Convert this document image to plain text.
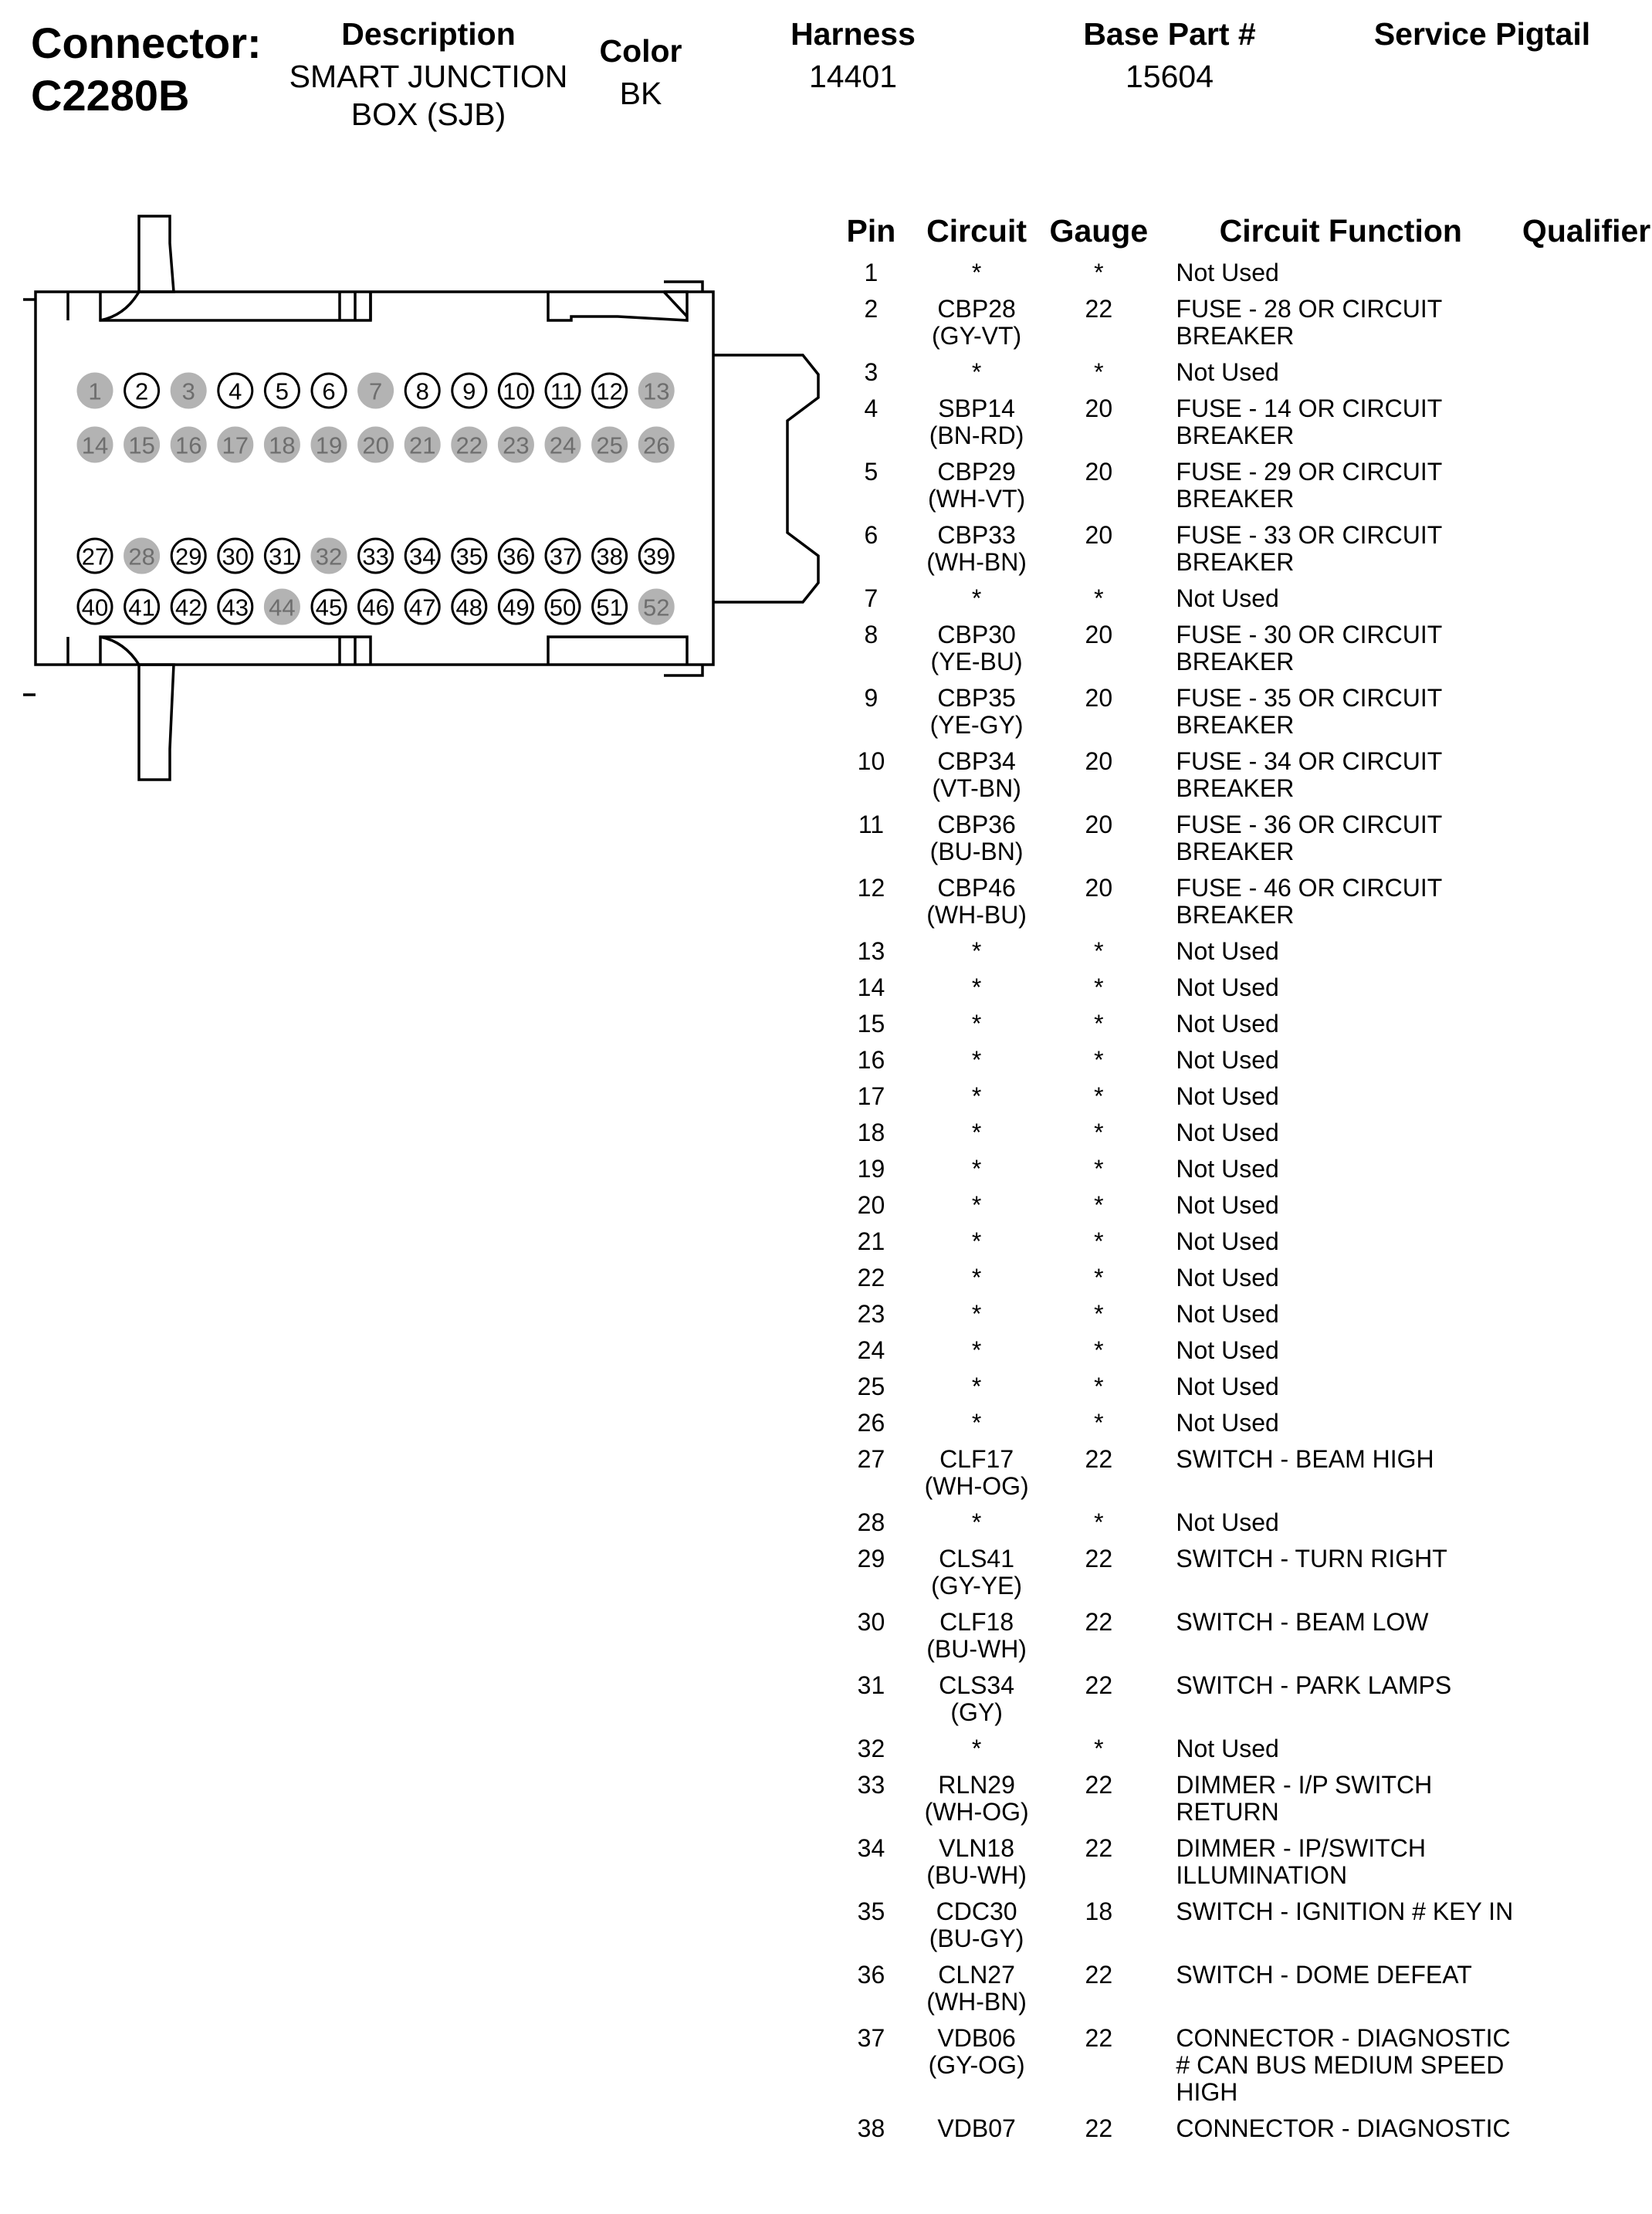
Connector:
C2280B
Description
SMART JUNCTION
BOX (SJB)
Color
BK
Harness
14401
Base Part #
15604
Service Pigtail
1 2 3 4 5 6 7 8 9 10 11 12 13
14 15 16 17 18 19 20 21 22 23 24 25 26
27 28 29 30 31 32 33 34 35 36 37 38 39
40 41 42 43 44 45 46 47 48 49 50 51 52
Pin	Circuit	Gauge	Circuit Function	Qualifier

1	*	*	Not Used	

2	CBP28
(GY-VT)	22	FUSE - 28 OR CIRCUIT BREAKER	

3	*	*	Not Used	

4	SBP14
(BN-RD)	20	FUSE - 14 OR CIRCUIT BREAKER	

5	CBP29
(WH-VT)	20	FUSE - 29 OR CIRCUIT BREAKER	

6	CBP33
(WH-BN)	20	FUSE - 33 OR CIRCUIT BREAKER	

7	*	*	Not Used	

8	CBP30
(YE-BU)	20	FUSE - 30 OR CIRCUIT BREAKER	

9	CBP35
(YE-GY)	20	FUSE - 35 OR CIRCUIT BREAKER	

10	CBP34
(VT-BN)	20	FUSE - 34 OR CIRCUIT BREAKER	

11	CBP36
(BU-BN)	20	FUSE - 36 OR CIRCUIT BREAKER	

12	CBP46
(WH-BU)	20	FUSE - 46 OR CIRCUIT BREAKER	

13	*	*	Not Used	

14	*	*	Not Used	

15	*	*	Not Used	

16	*	*	Not Used	

17	*	*	Not Used	

18	*	*	Not Used	

19	*	*	Not Used	

20	*	*	Not Used	

21	*	*	Not Used	

22	*	*	Not Used	

23	*	*	Not Used	

24	*	*	Not Used	

25	*	*	Not Used	

26	*	*	Not Used	

27	CLF17
(WH-OG)	22	SWITCH - BEAM HIGH	

28	*	*	Not Used	

29	CLS41
(GY-YE)	22	SWITCH - TURN RIGHT	

30	CLF18
(BU-WH)	22	SWITCH - BEAM LOW	

31	CLS34
(GY)	22	SWITCH - PARK LAMPS	

32	*	*	Not Used	

33	RLN29
(WH-OG)	22	DIMMER - I/P SWITCH RETURN	

34	VLN18
(BU-WH)	22	DIMMER - IP/SWITCH ILLUMINATION	

35	CDC30
(BU-GY)	18	SWITCH - IGNITION # KEY IN	

36	CLN27
(WH-BN)	22	SWITCH - DOME DEFEAT	

37	VDB06
(GY-OG)	22	CONNECTOR - DIAGNOSTIC # CAN BUS MEDIUM SPEED HIGH	

38	VDB07	22	CONNECTOR - DIAGNOSTIC	
